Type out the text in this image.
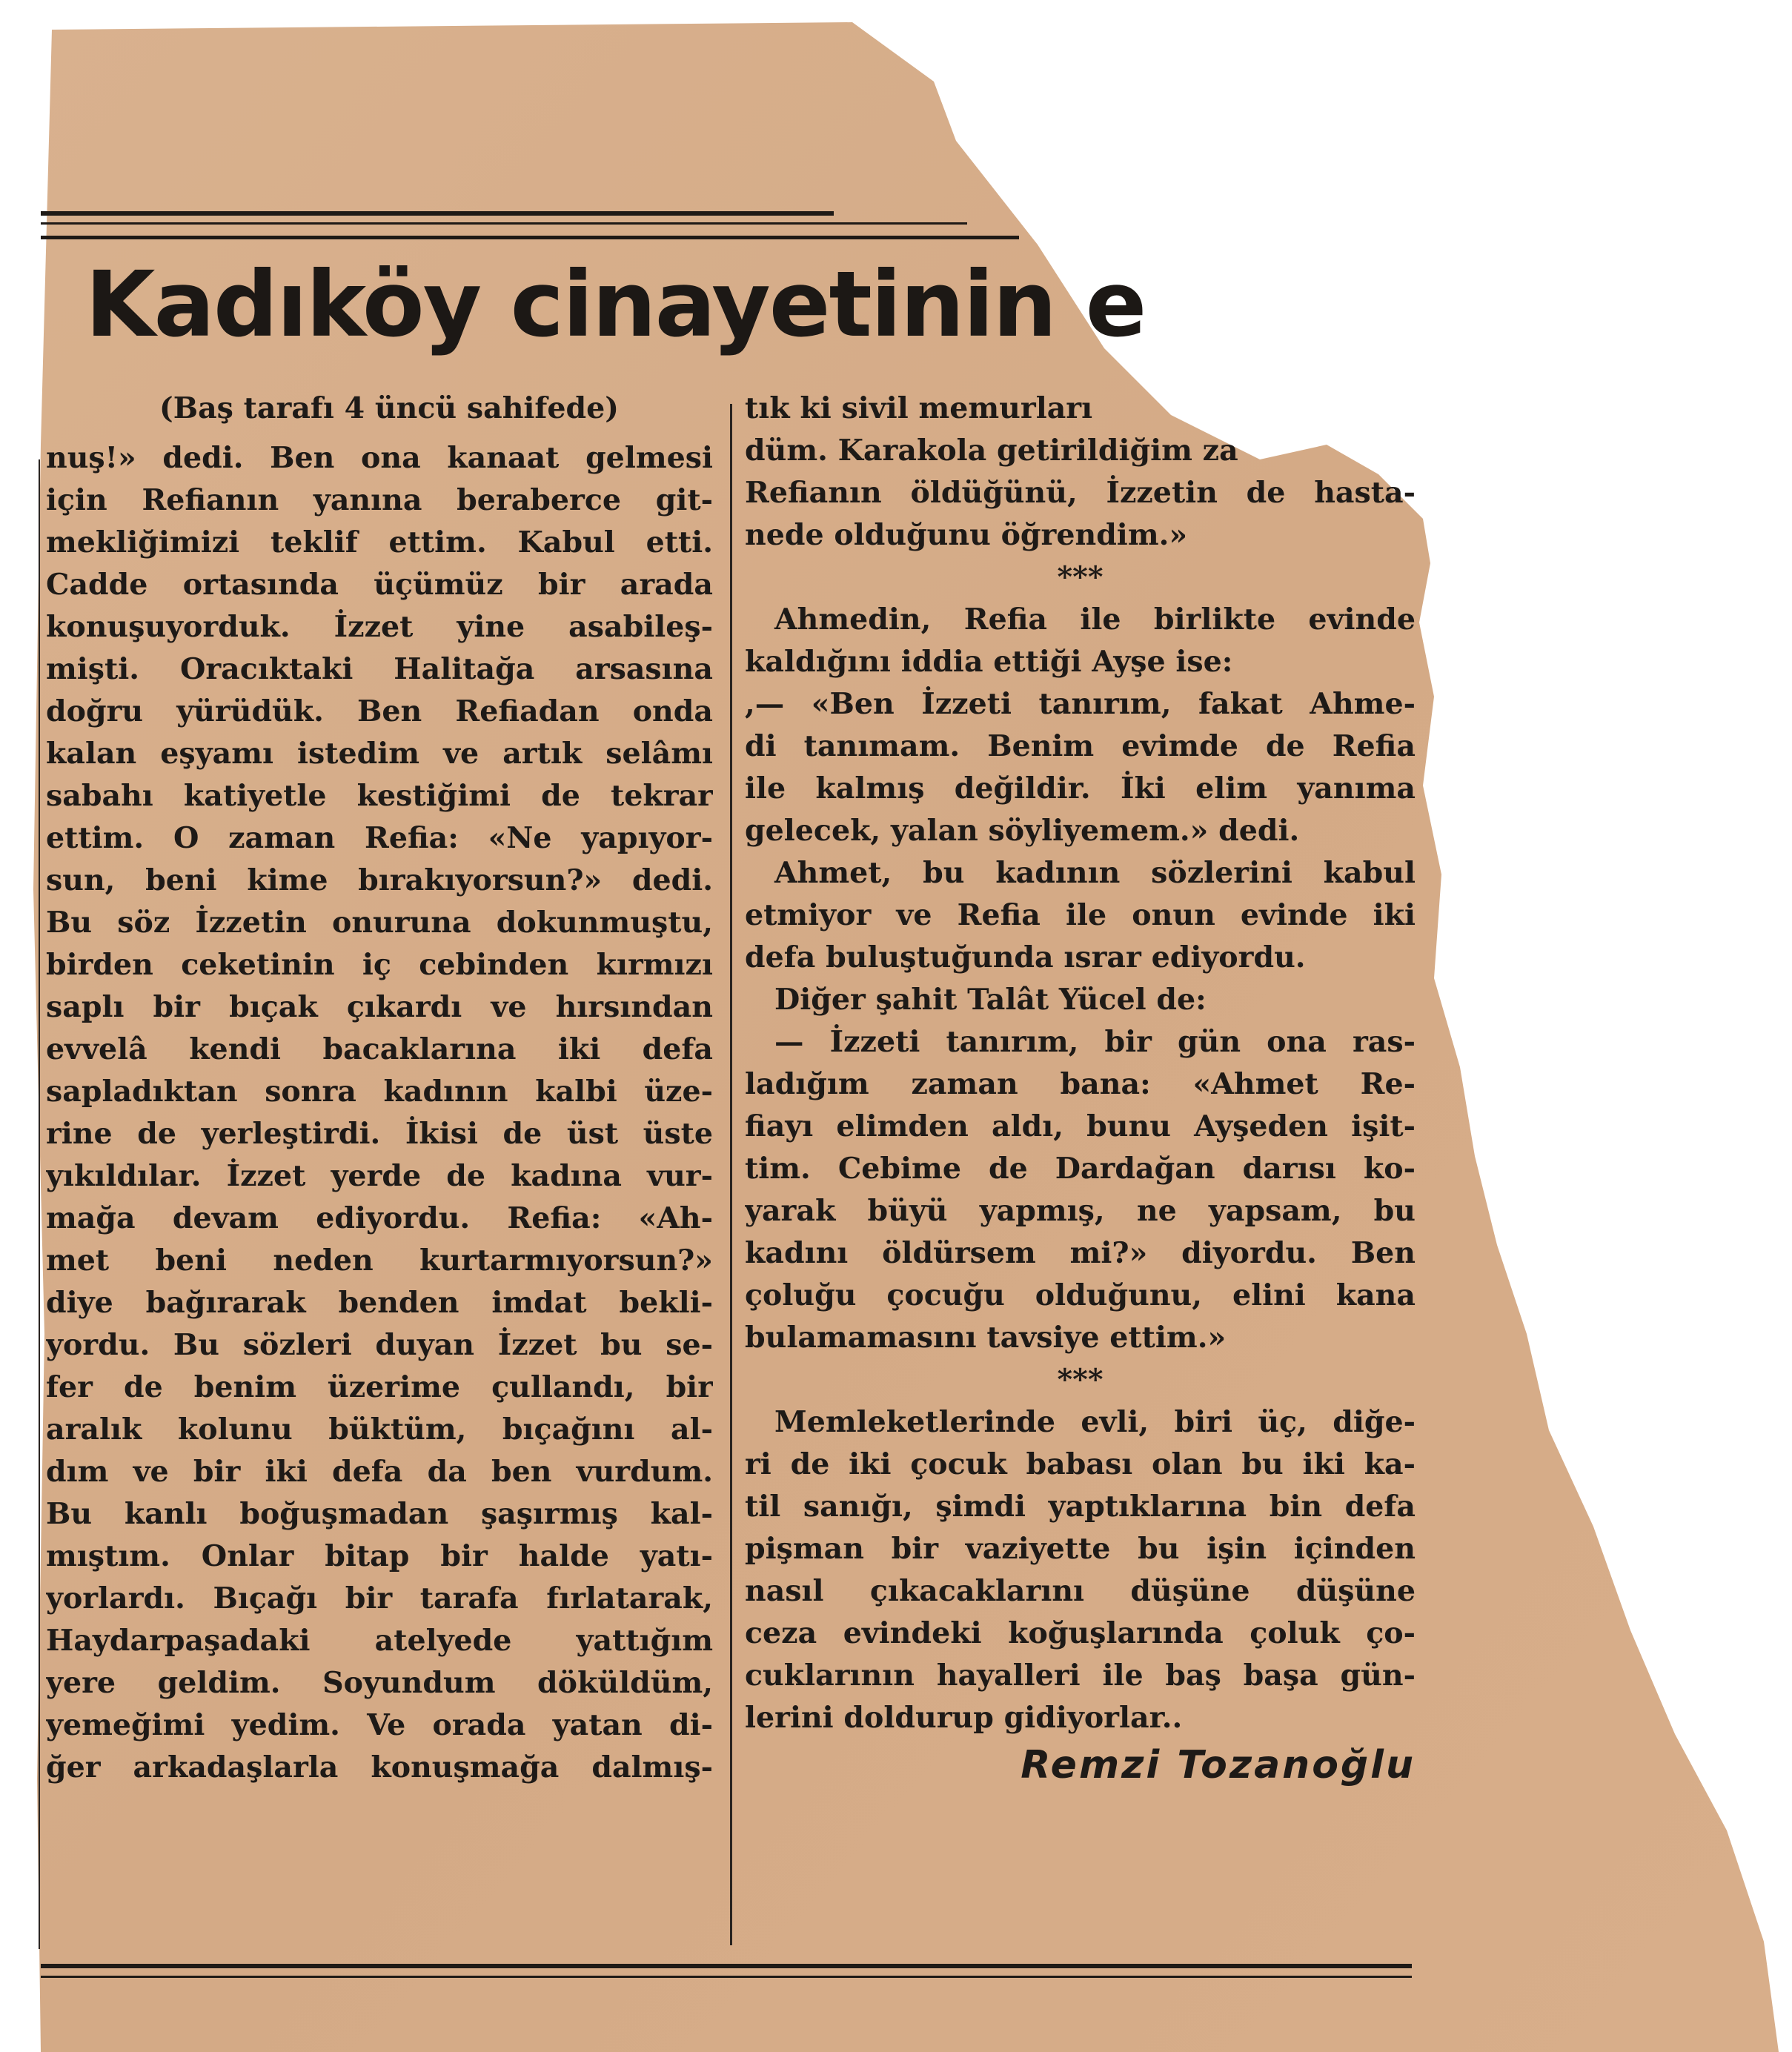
Kadıköy cinayetinin e
(Baş tarafı 4 üncü sahifede)
nuş!» dedi. Ben ona kanaat gelmesi
için Refianın yanına beraberce git-
mekliğimizi teklif ettim. Kabul etti.
Cadde ortasında üçümüz bir arada
konuşuyorduk. İzzet yine asabileş-
mişti. Oracıktaki Halitağa arsasına
doğru yürüdük. Ben Refiadan onda
kalan eşyamı istedim ve artık selâmı
sabahı katiyetle kestiğimi de tekrar
ettim. O zaman Refia: «Ne yapıyor-
sun, beni kime bırakıyorsun?» dedi.
Bu söz İzzetin onuruna dokunmuştu,
birden ceketinin iç cebinden kırmızı
saplı bir bıçak çıkardı ve hırsından
evvelâ kendi bacaklarına iki defa
sapladıktan sonra kadının kalbi üze-
rine de yerleştirdi. İkisi de üst üste
yıkıldılar. İzzet yerde de kadına vur-
mağa devam ediyordu. Refia: «Ah-
met beni neden kurtarmıyorsun?»
diye bağırarak benden imdat bekli-
yordu. Bu sözleri duyan İzzet bu se-
fer de benim üzerime çullandı, bir
aralık kolunu büktüm, bıçağını al-
dım ve bir iki defa da ben vurdum.
Bu kanlı boğuşmadan şaşırmış kal-
mıştım. Onlar bitap bir halde yatı-
yorlardı. Bıçağı bir tarafa fırlatarak,
Haydarpaşadaki atelyede yattığım
yere geldim. Soyundum döküldüm,
yemeğimi yedim. Ve orada yatan di-
ğer arkadaşlarla konuşmağa dalmış-
tık ki sivil memurları
düm. Karakola getirildiğim za
Refianın öldüğünü, İzzetin de hasta-
nede olduğunu öğrendim.»
***
Ahmedin, Refia ile birlikte evinde
kaldığını iddia ettiği Ayşe ise:
,— «Ben İzzeti tanırım, fakat Ahme-
di tanımam. Benim evimde de Refia
ile kalmış değildir. İki elim yanıma
gelecek, yalan söyliyemem.» dedi.
Ahmet, bu kadının sözlerini kabul
etmiyor ve Refia ile onun evinde iki
defa buluştuğunda ısrar ediyordu.
Diğer şahit Talât Yücel de:
— İzzeti tanırım, bir gün ona ras-
ladığım zaman bana: «Ahmet Re-
fiayı elimden aldı, bunu Ayşeden işit-
tim. Cebime de Dardağan darısı ko-
yarak büyü yapmış, ne yapsam, bu
kadını öldürsem mi?» diyordu. Ben
çoluğu çocuğu olduğunu, elini kana
bulamamasını tavsiye ettim.»
***
Memleketlerinde evli, biri üç, diğe-
ri de iki çocuk babası olan bu iki ka-
til sanığı, şimdi yaptıklarına bin defa
pişman bir vaziyette bu işin içinden
nasıl çıkacaklarını düşüne düşüne
ceza evindeki koğuşlarında çoluk ço-
cuklarının hayalleri ile baş başa gün-
lerini doldurup gidiyorlar..
Remzi Tozanoğlu
